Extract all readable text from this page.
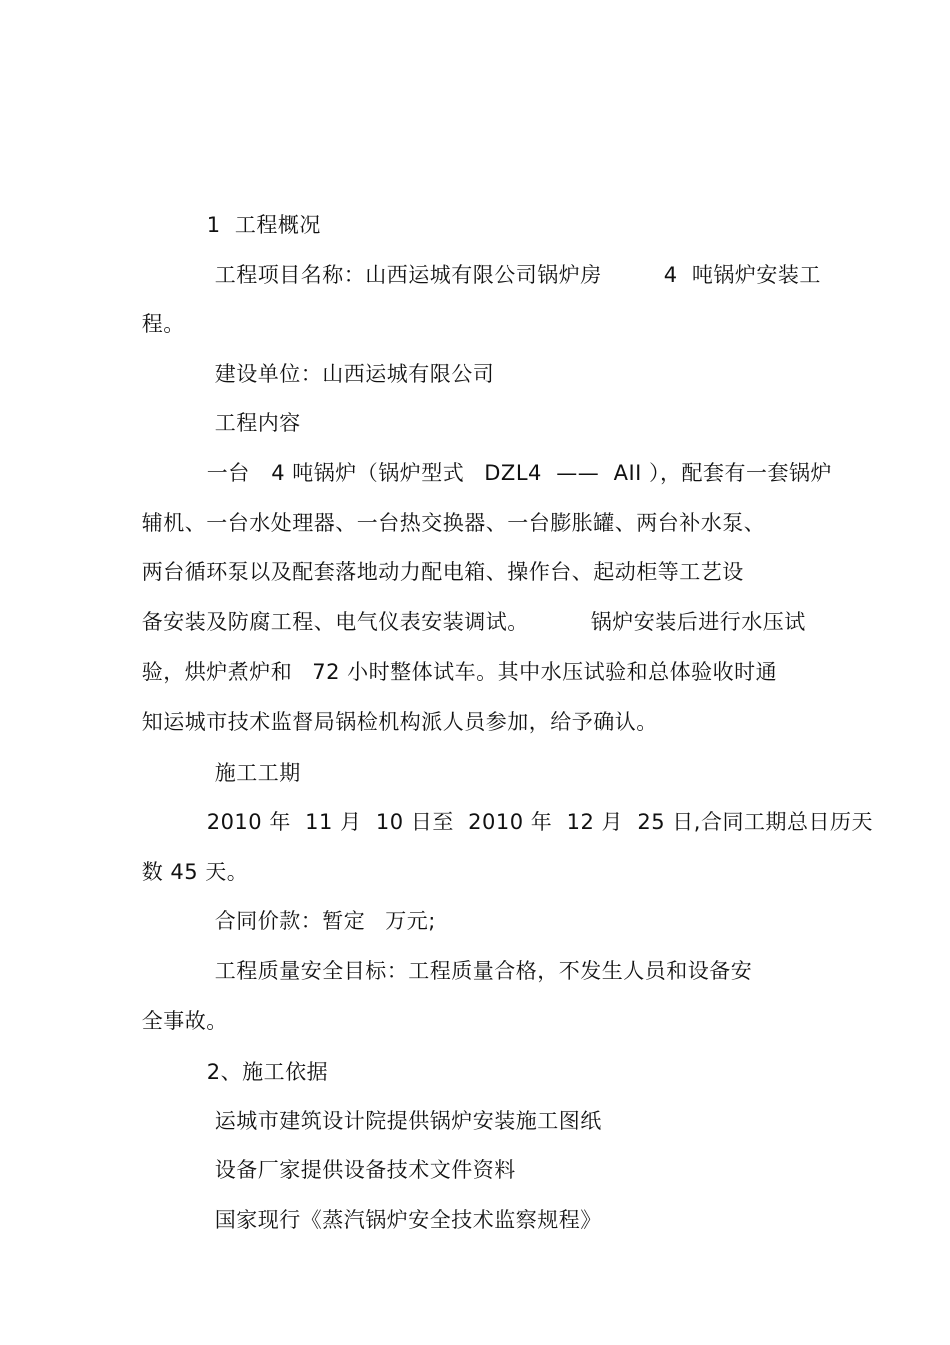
1  工程概况

工程项目名称：山西运城有限公司锅炉房	4  吨锅炉安装工

程。

建设单位：山西运城有限公司

工程内容

一台   4 吨锅炉（锅炉型式 DZL4  ——  AII ），配套有一套锅炉

辅机、一台水处理器、一台热交换器、一台膨胀罐、两台补水泵、

两台循环泵以及配套落地动力配电箱、操作台、起动柜等工艺设

备安装及防腐工程、电气仪表安装调试。	锅炉安装后进行水压试

验，烘炉煮炉和 72 小时整体试车。其中水压试验和总体验收时通

知运城市技术监督局锅检机构派人员参加，给予确认。

施工工期

2010 年  11 月  10 日至  2010 年  12 月  25 日,合同工期总日历天

数 45 天。

合同价款：暂定 万元;

工程质量安全目标：工程质量合格，不发生人员和设备安

全事故。

2、施工依据

运城市建筑设计院提供锅炉安装施工图纸

设备厂家提供设备技术文件资料

国家现行《蒸汽锅炉安全技术监察规程》
